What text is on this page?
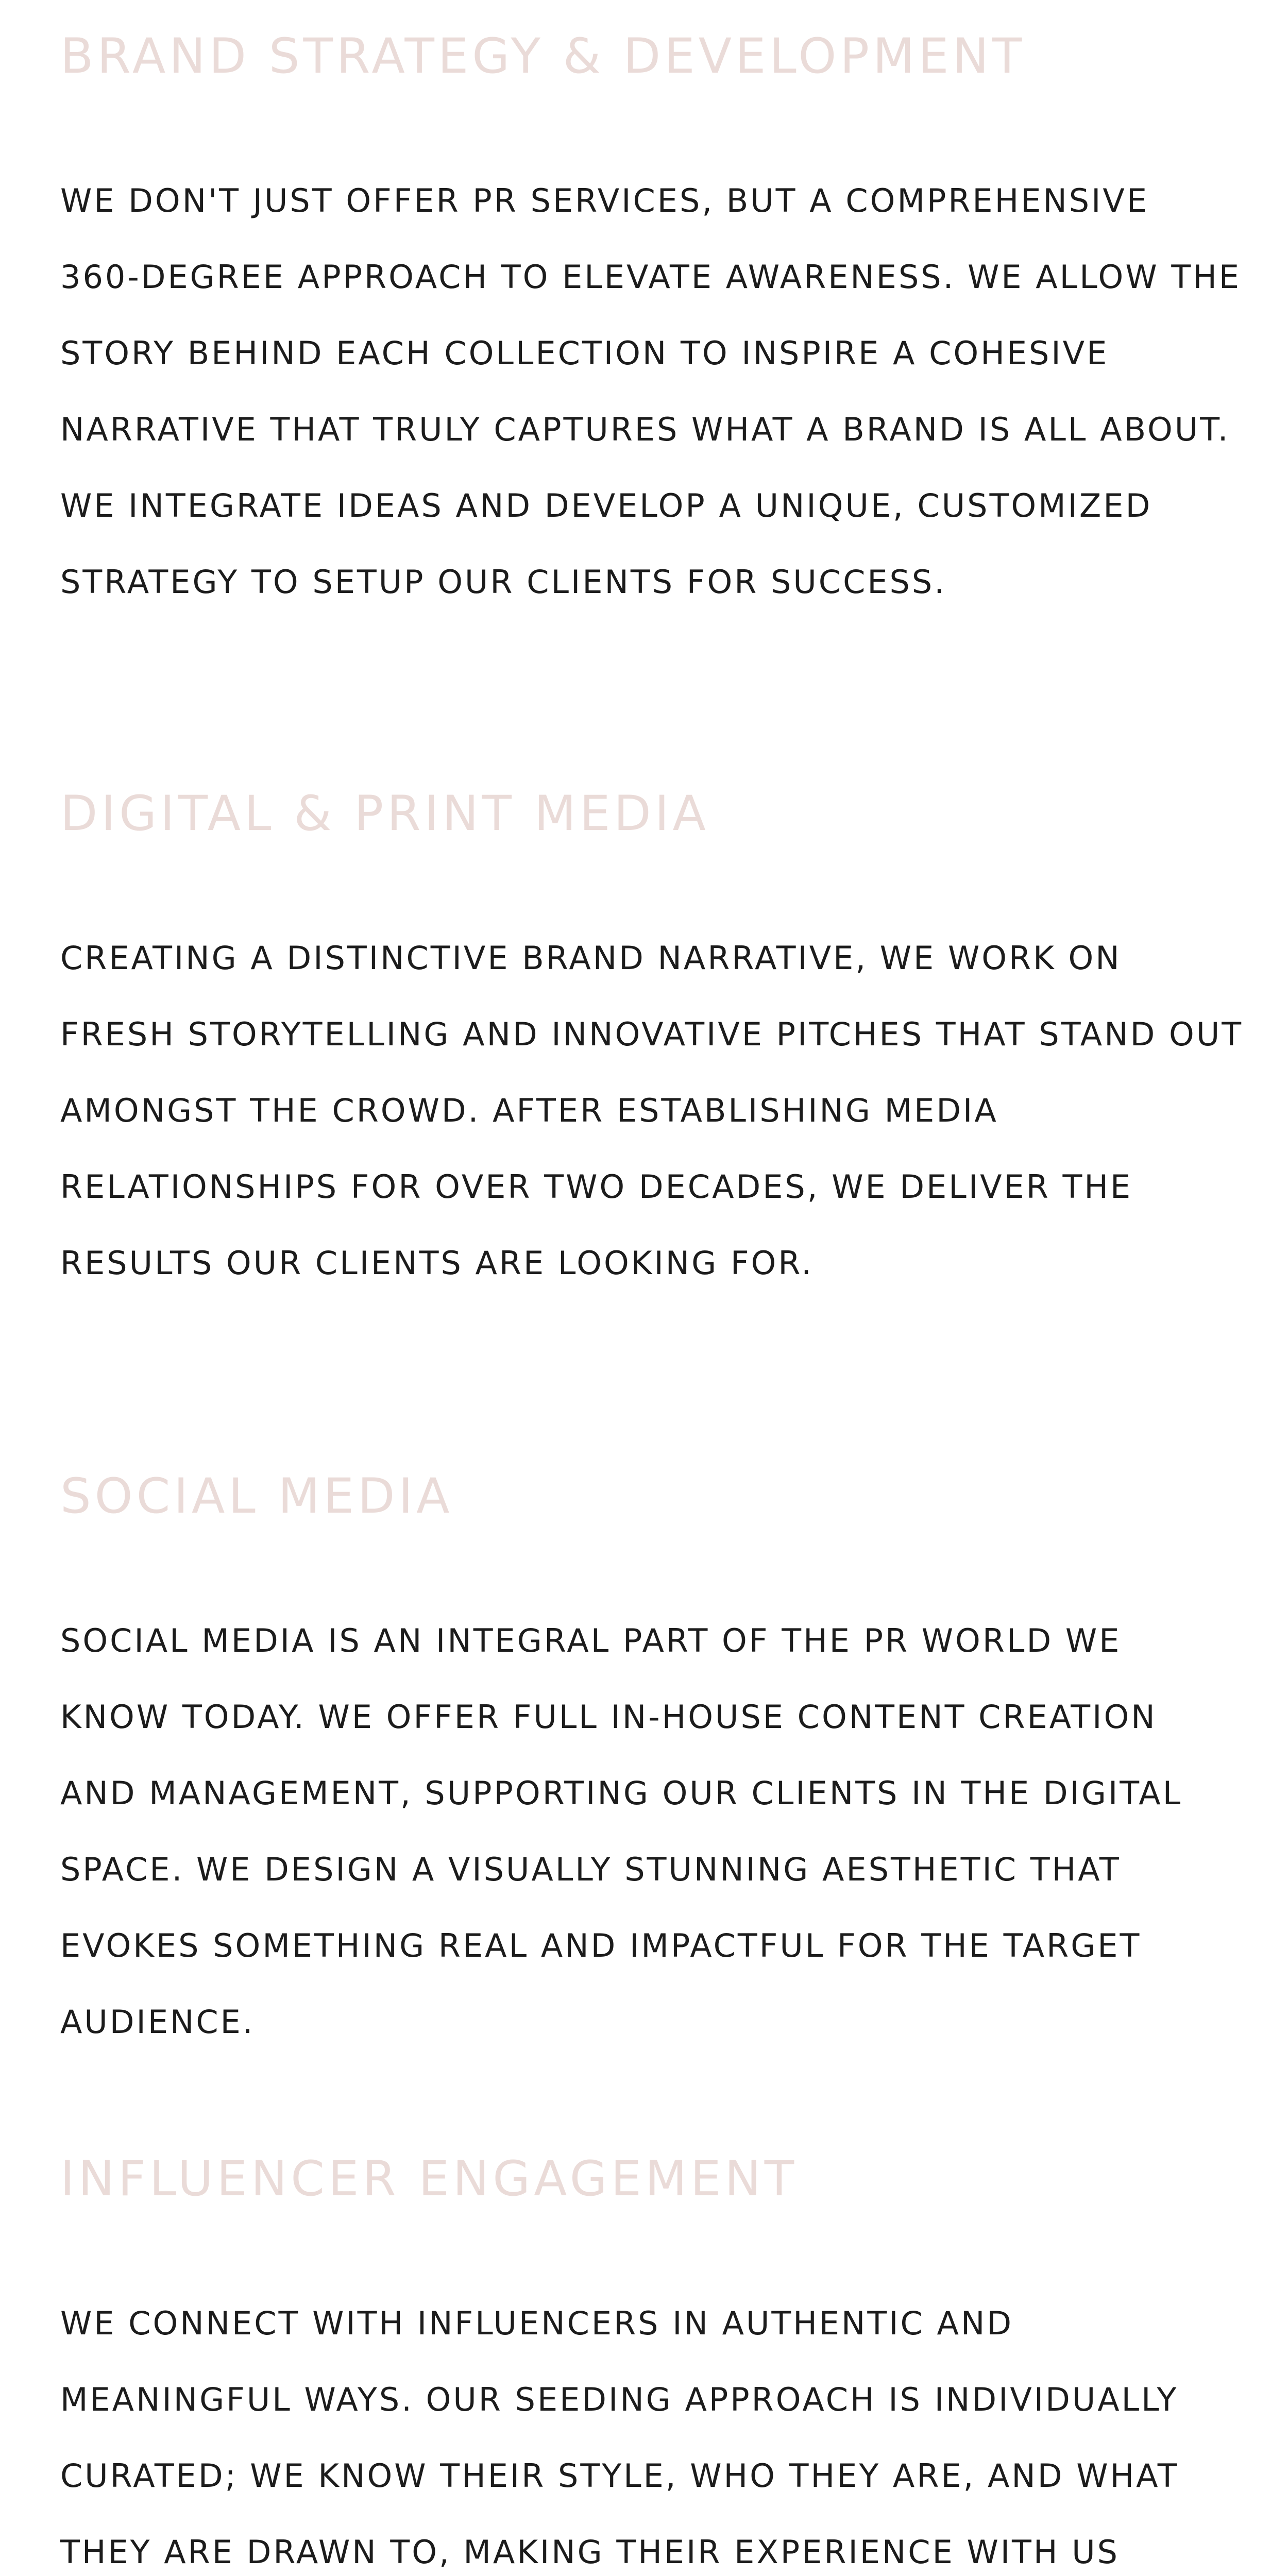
BRAND STRATEGY & DEVELOPMENT

WE DON'T JUST OFFER PR SERVICES, BUT A COMPREHENSIVE
360-DEGREE APPROACH TO ELEVATE AWARENESS. WE ALLOW THE
STORY BEHIND EACH COLLECTION TO INSPIRE A COHESIVE
NARRATIVE THAT TRULY CAPTURES WHAT A BRAND IS ALL ABOUT.
WE INTEGRATE IDEAS AND DEVELOP A UNIQUE, CUSTOMIZED
STRATEGY TO SETUP OUR CLIENTS FOR SUCCESS.

DIGITAL & PRINT MEDIA

CREATING A DISTINCTIVE BRAND NARRATIVE, WE WORK ON
FRESH STORYTELLING AND INNOVATIVE PITCHES THAT STAND OUT
AMONGST THE CROWD. AFTER ESTABLISHING MEDIA
RELATIONSHIPS FOR OVER TWO DECADES, WE DELIVER THE
RESULTS OUR CLIENTS ARE LOOKING FOR.

SOCIAL MEDIA

SOCIAL MEDIA IS AN INTEGRAL PART OF THE PR WORLD WE
KNOW TODAY. WE OFFER FULL IN-HOUSE CONTENT CREATION
AND MANAGEMENT, SUPPORTING OUR CLIENTS IN THE DIGITAL
SPACE. WE DESIGN A VISUALLY STUNNING AESTHETIC THAT
EVOKES SOMETHING REAL AND IMPACTFUL FOR THE TARGET
AUDIENCE.

INFLUENCER ENGAGEMENT

WE CONNECT WITH INFLUENCERS IN AUTHENTIC AND
MEANINGFUL WAYS. OUR SEEDING APPROACH IS INDIVIDUALLY
CURATED; WE KNOW THEIR STYLE, WHO THEY ARE, AND WHAT
THEY ARE DRAWN TO, MAKING THEIR EXPERIENCE WITH US
